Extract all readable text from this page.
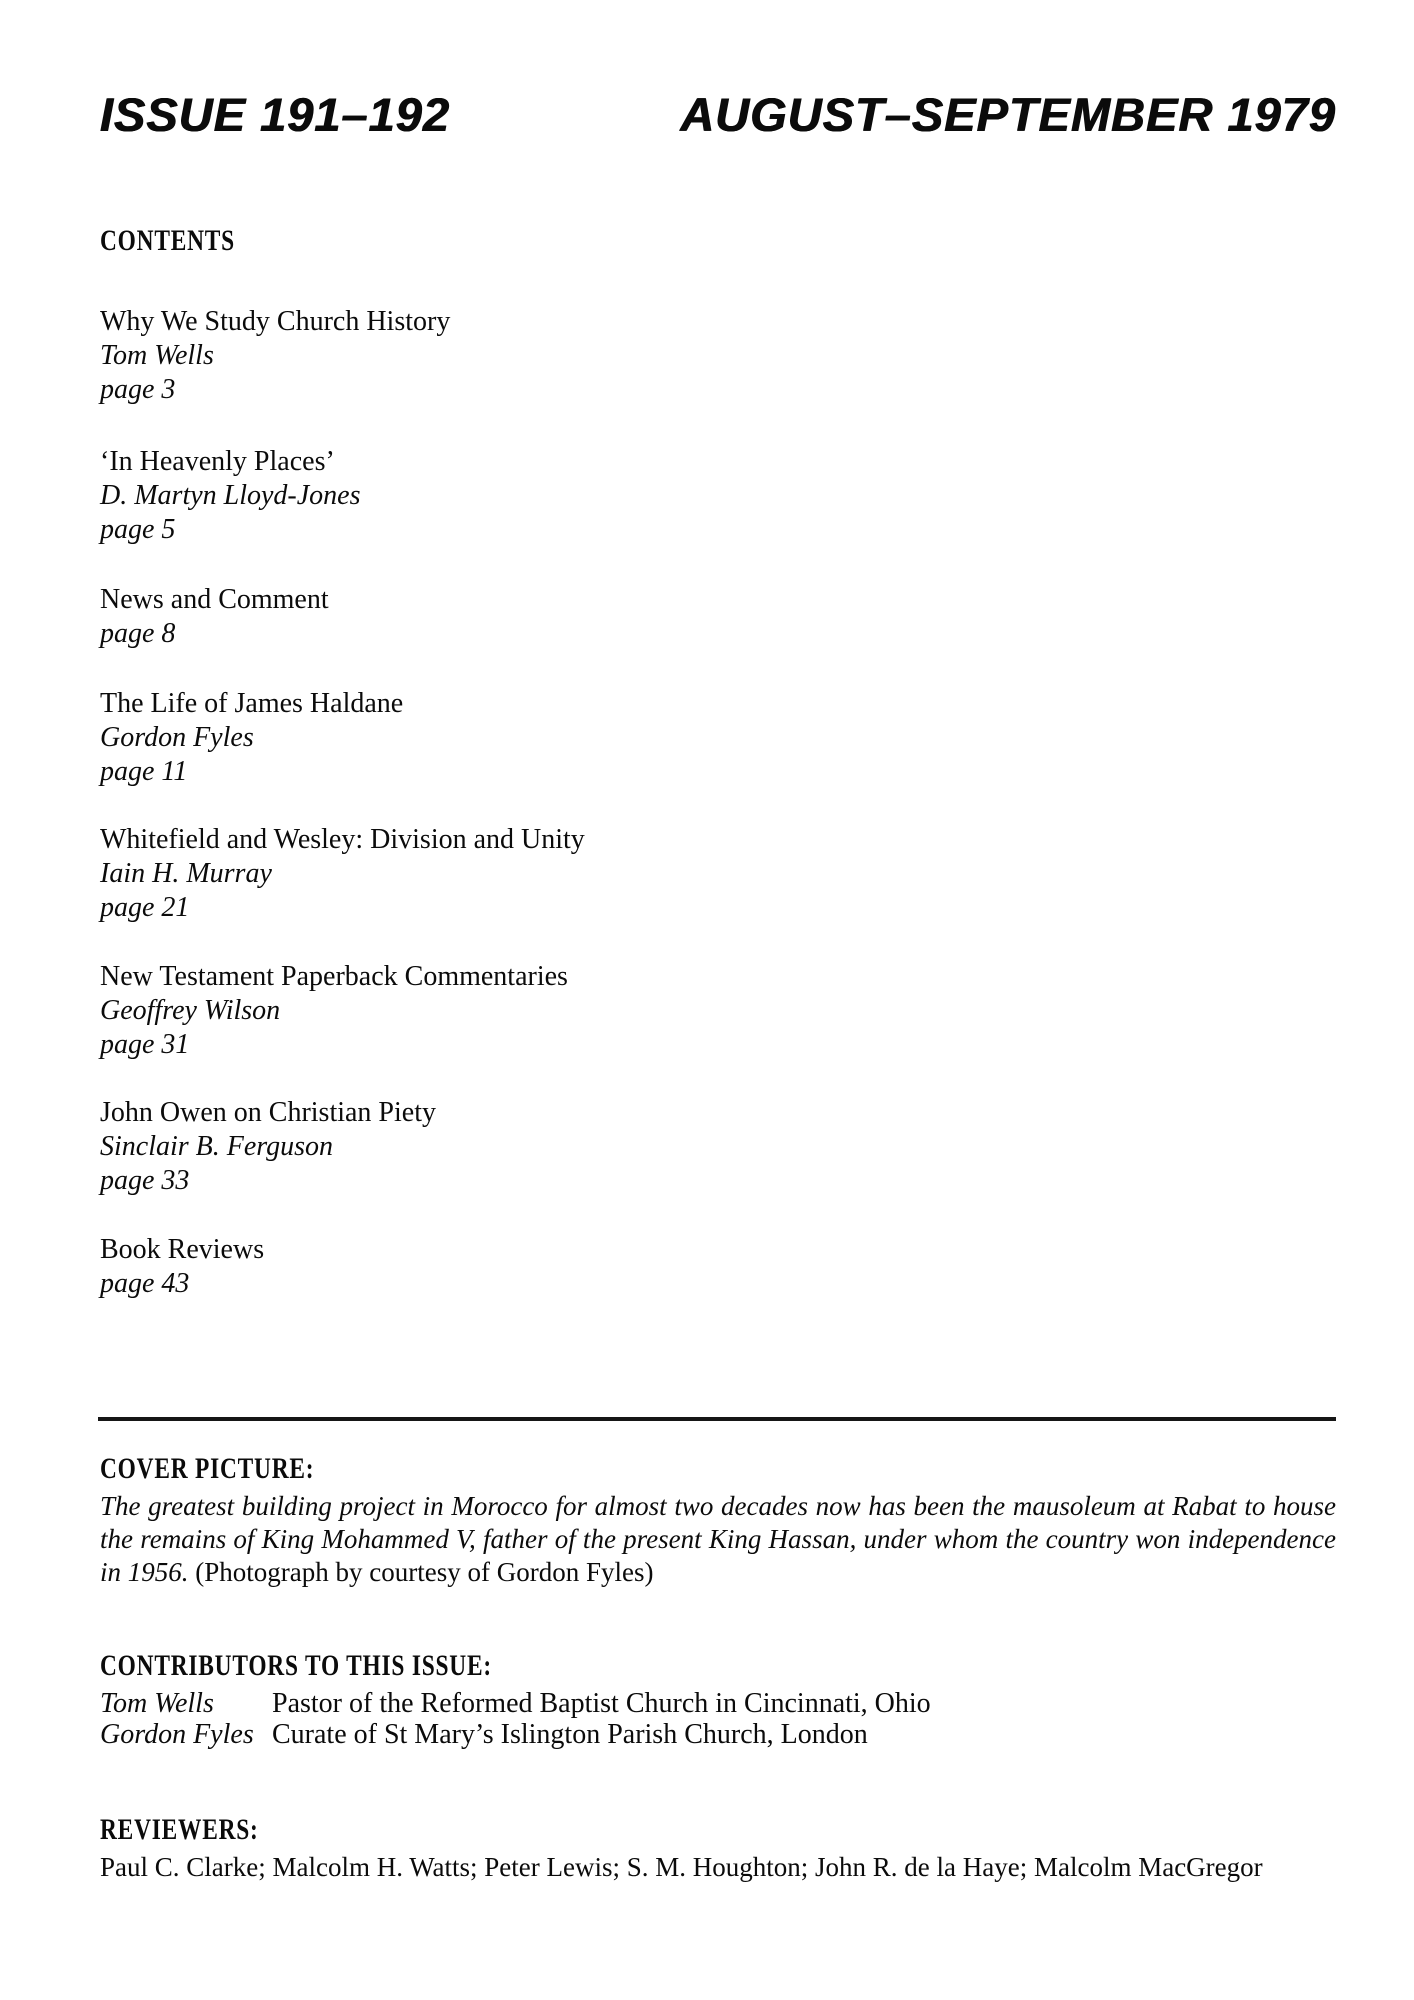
ISSUE 191–192	AUGUST–SEPTEMBER 1979
CONTENTS
Why We Study Church History
Tom Wells
page 3
‘In Heavenly Places’
D. Martyn Lloyd-Jones
page 5
News and Comment
page 8
The Life of James Haldane
Gordon Fyles
page 11
Whitefield and Wesley: Division and Unity
Iain H. Murray
page 21
New Testament Paperback Commentaries
Geoffrey Wilson
page 31
John Owen on Christian Piety
Sinclair B. Ferguson
page 33
Book Reviews
page 43
COVER PICTURE:
The greatest building project in Morocco for almost two decades now has been the mausoleum at Rabat to house the remains of King Mohammed V, father of the present King Hassan, under whom the country won independence in 1956. (Photograph by courtesy of Gordon Fyles)
CONTRIBUTORS TO THIS ISSUE:
Tom Wells	Pastor of the Reformed Baptist Church in Cincinnati, Ohio
Gordon Fyles Curate of St Mary’s Islington Parish Church, London
REVIEWERS:
Paul C. Clarke; Malcolm H. Watts; Peter Lewis; S. M. Houghton; John R. de la Haye; Malcolm MacGregor
